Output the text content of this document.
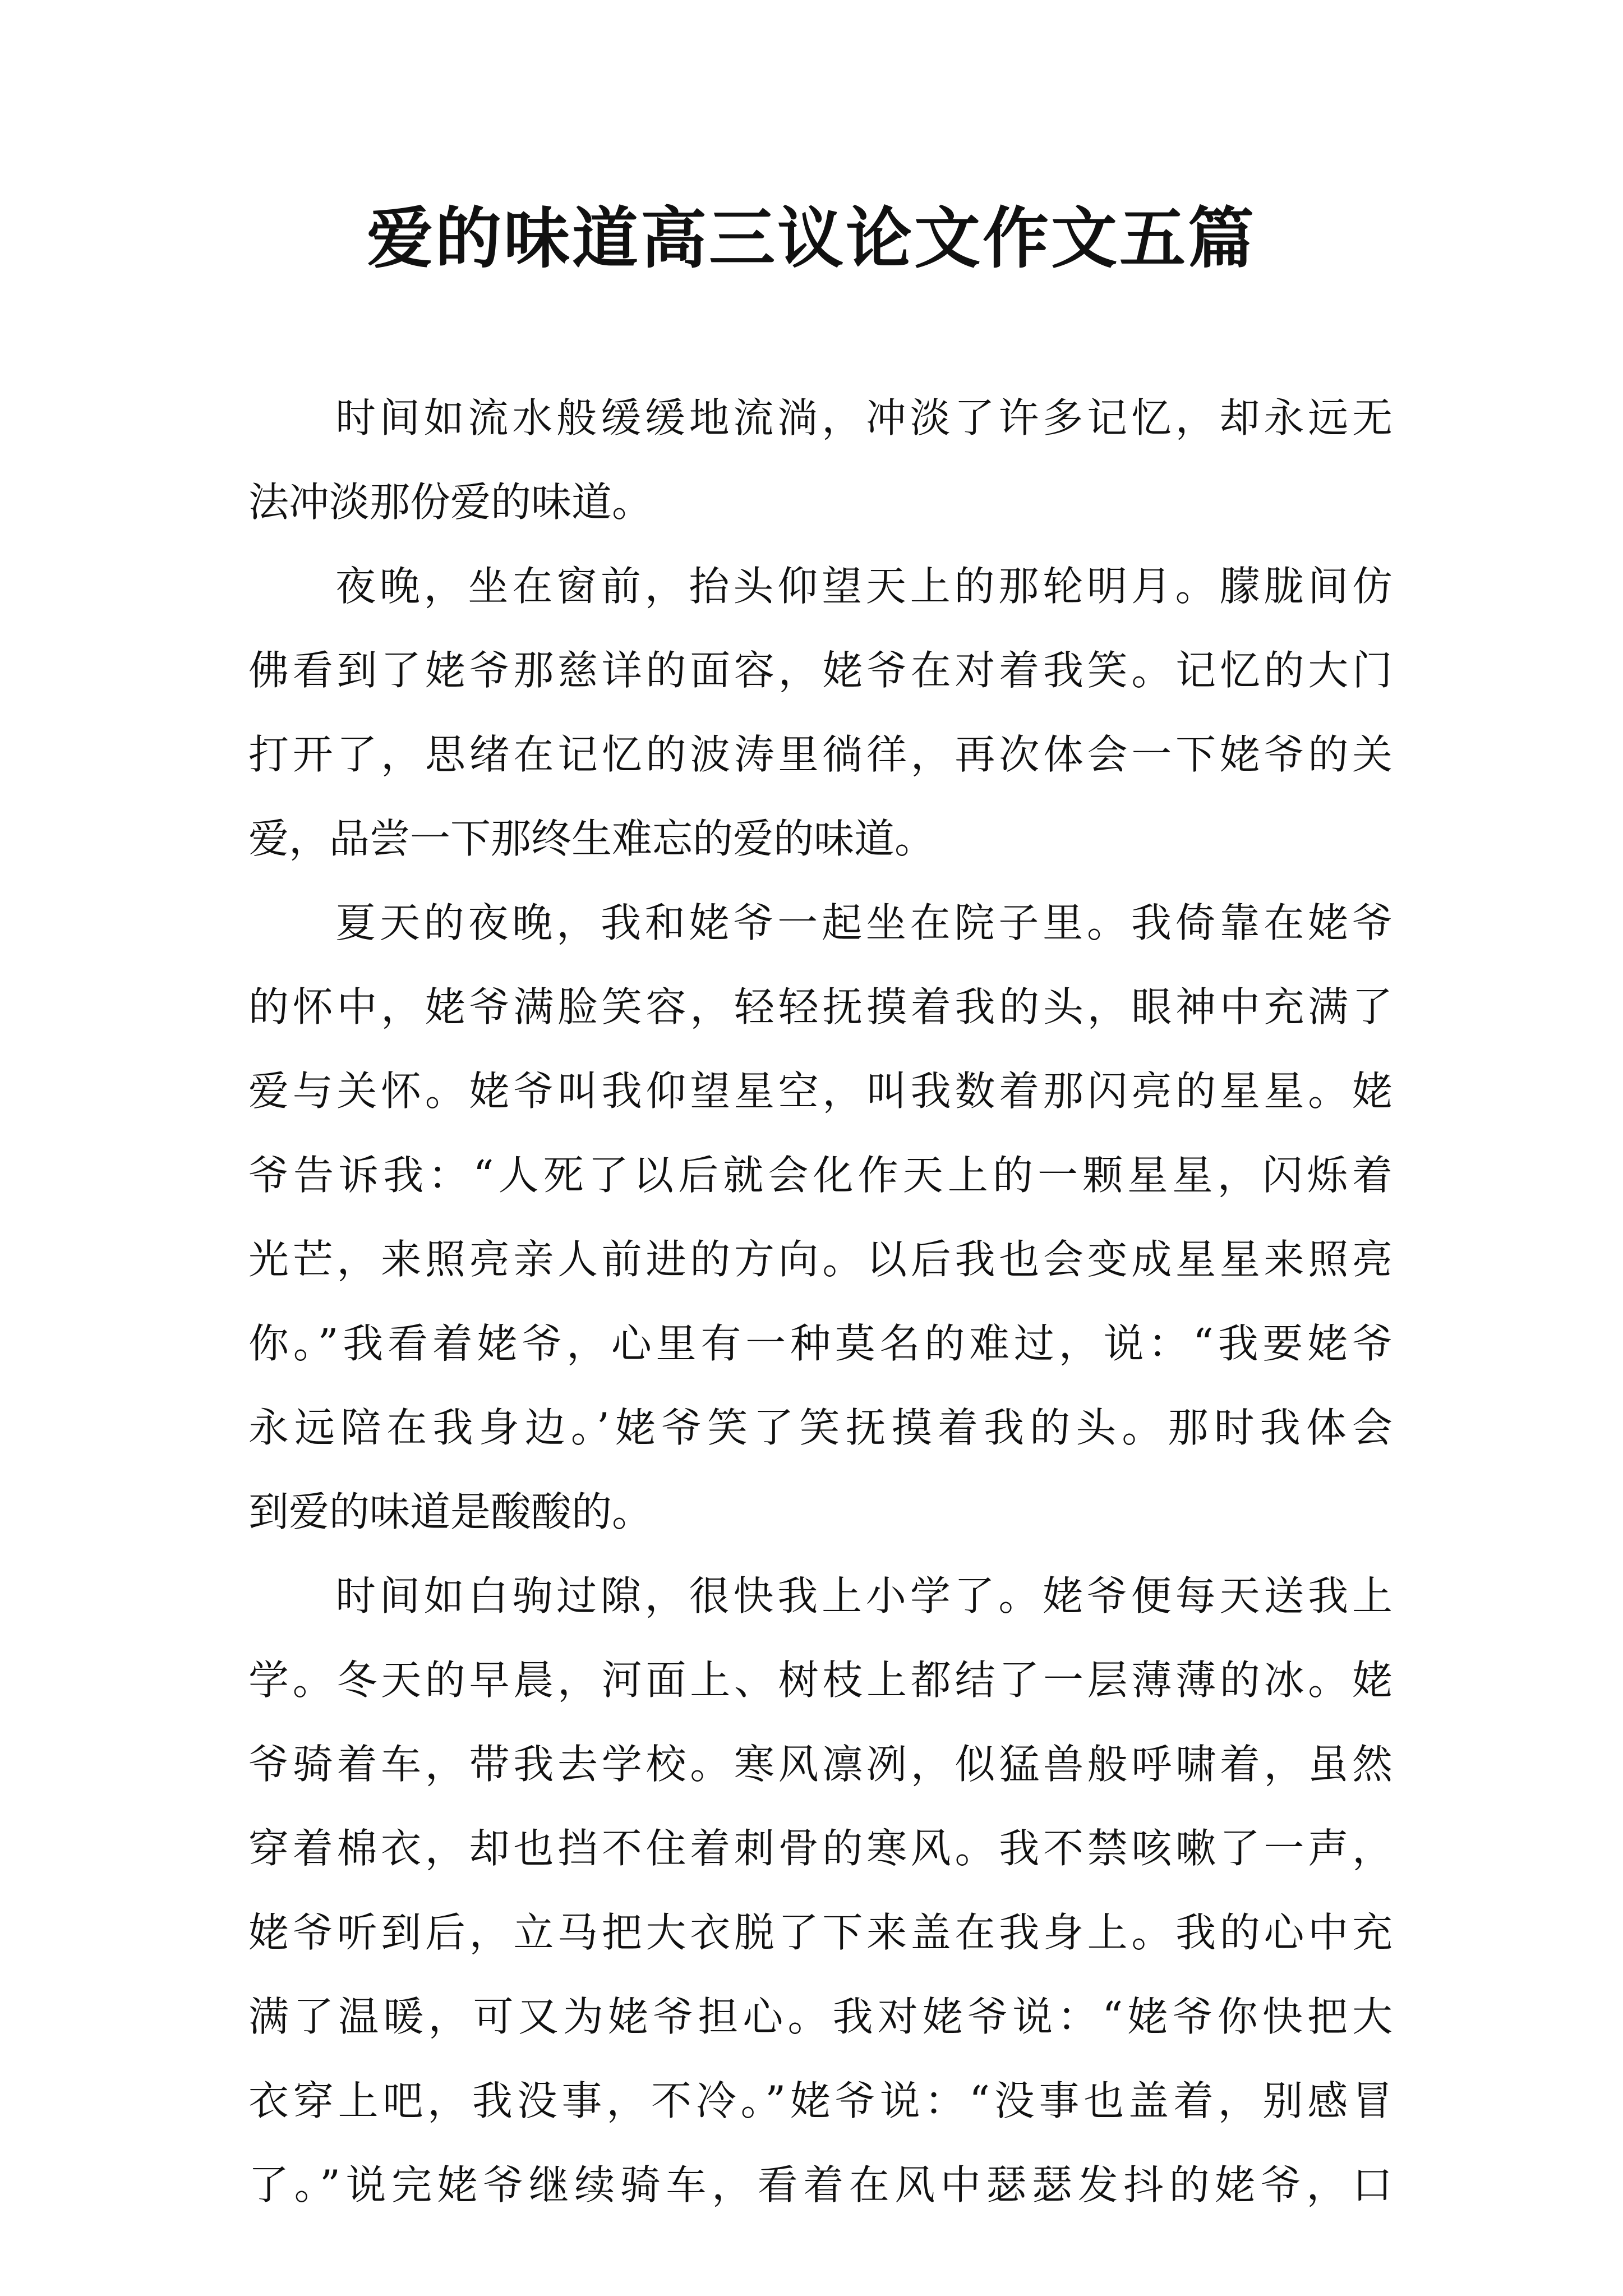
爱的味道高三议论文作文五篇
时间如流水般缓缓地流淌，冲淡了许多记忆，却永远无
法冲淡那份爱的味道。
夜晚，坐在窗前，抬头仰望天上的那轮明月。朦胧间仿
佛看到了姥爷那慈详的面容，姥爷在对着我笑。记忆的大门
打开了，思绪在记忆的波涛里徜徉，再次体会一下姥爷的关
爱，品尝一下那终生难忘的爱的味道。
夏天的夜晚，我和姥爷一起坐在院子里。我倚靠在姥爷
的怀中，姥爷满脸笑容，轻轻抚摸着我的头，眼神中充满了
爱与关怀。姥爷叫我仰望星空，叫我数着那闪亮的星星。姥
爷告诉我：“人死了以后就会化作天上的一颗星星，闪烁着
光芒，来照亮亲人前进的方向。以后我也会变成星星来照亮
你。”我看着姥爷，心里有一种莫名的难过，说：“我要姥爷
永远陪在我身边。’姥爷笑了笑抚摸着我的头。那时我体会
到爱的味道是酸酸的。
时间如白驹过隙，很快我上小学了。姥爷便每天送我上
学。冬天的早晨，河面上、树枝上都结了一层薄薄的冰。姥
爷骑着车，带我去学校。寒风凛冽，似猛兽般呼啸着，虽然
穿着棉衣，却也挡不住着刺骨的寒风。我不禁咳嗽了一声，
姥爷听到后，立马把大衣脱了下来盖在我身上。我的心中充
满了温暖，可又为姥爷担心。我对姥爷说：“姥爷你快把大
衣穿上吧，我没事，不冷。”姥爷说：“没事也盖着，别感冒
了。”说完姥爷继续骑车，看着在风中瑟瑟发抖的姥爷，口
